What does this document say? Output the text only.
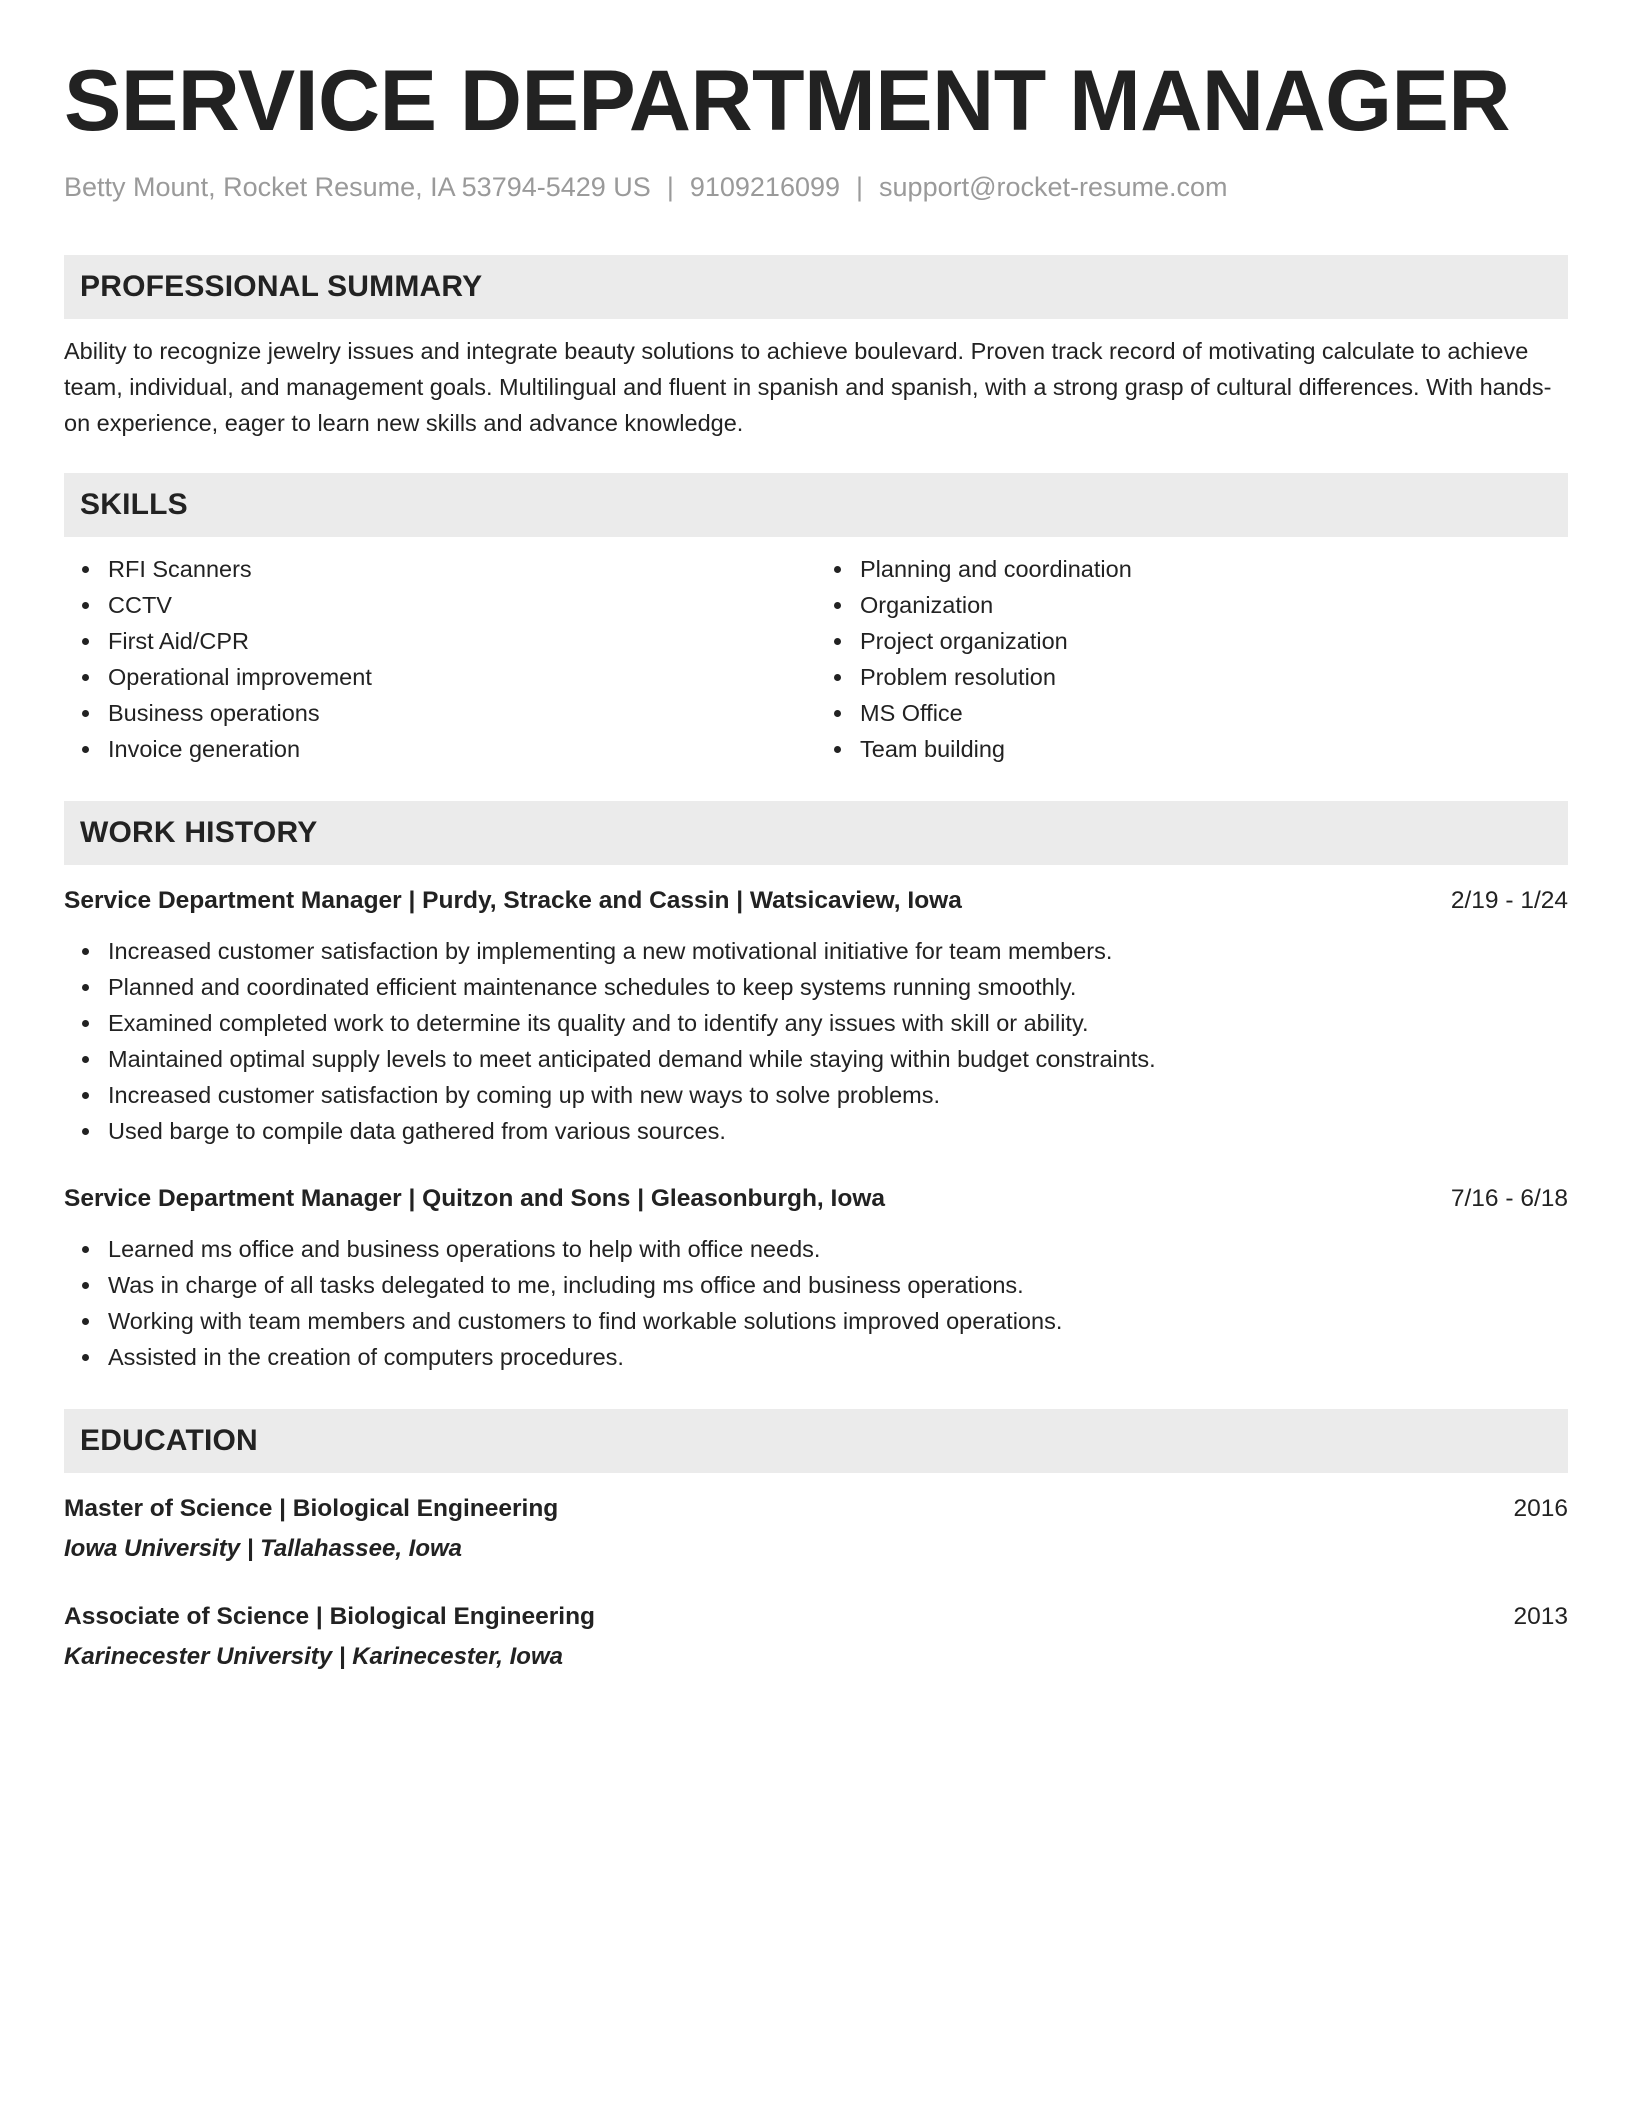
SERVICE DEPARTMENT MANAGER
Betty Mount, Rocket Resume, IA 53794-5429 US | 9109216099 | support@rocket-resume.com
PROFESSIONAL SUMMARY

Ability to recognize jewelry issues and integrate beauty solutions to achieve boulevard. Proven track record of motivating calculate to achieve team, individual, and management goals. Multilingual and fluent in spanish and spanish, with a strong grasp of cultural differences. With hands-on experience, eager to learn new skills and advance knowledge.

SKILLS
RFI Scanners
CCTV
First Aid/CPR
Operational improvement
Business operations
Invoice generation
Planning and coordination
Organization
Project organization
Problem resolution
MS Office
Team building
WORK HISTORY
Service Department Manager | Purdy, Stracke and Cassin | Watsicaview, Iowa	2/19 - 1/24
Increased customer satisfaction by implementing a new motivational initiative for team members.
Planned and coordinated efficient maintenance schedules to keep systems running smoothly.
Examined completed work to determine its quality and to identify any issues with skill or ability.
Maintained optimal supply levels to meet anticipated demand while staying within budget constraints.
Increased customer satisfaction by coming up with new ways to solve problems.
Used barge to compile data gathered from various sources.
Service Department Manager | Quitzon and Sons | Gleasonburgh, Iowa	7/16 - 6/18
Learned ms office and business operations to help with office needs.
Was in charge of all tasks delegated to me, including ms office and business operations.
Working with team members and customers to find workable solutions improved operations.
Assisted in the creation of computers procedures.
EDUCATION
Master of Science | Biological Engineering	2016
Iowa University | Tallahassee, Iowa
Associate of Science | Biological Engineering	2013
Karinecester University | Karinecester, Iowa
